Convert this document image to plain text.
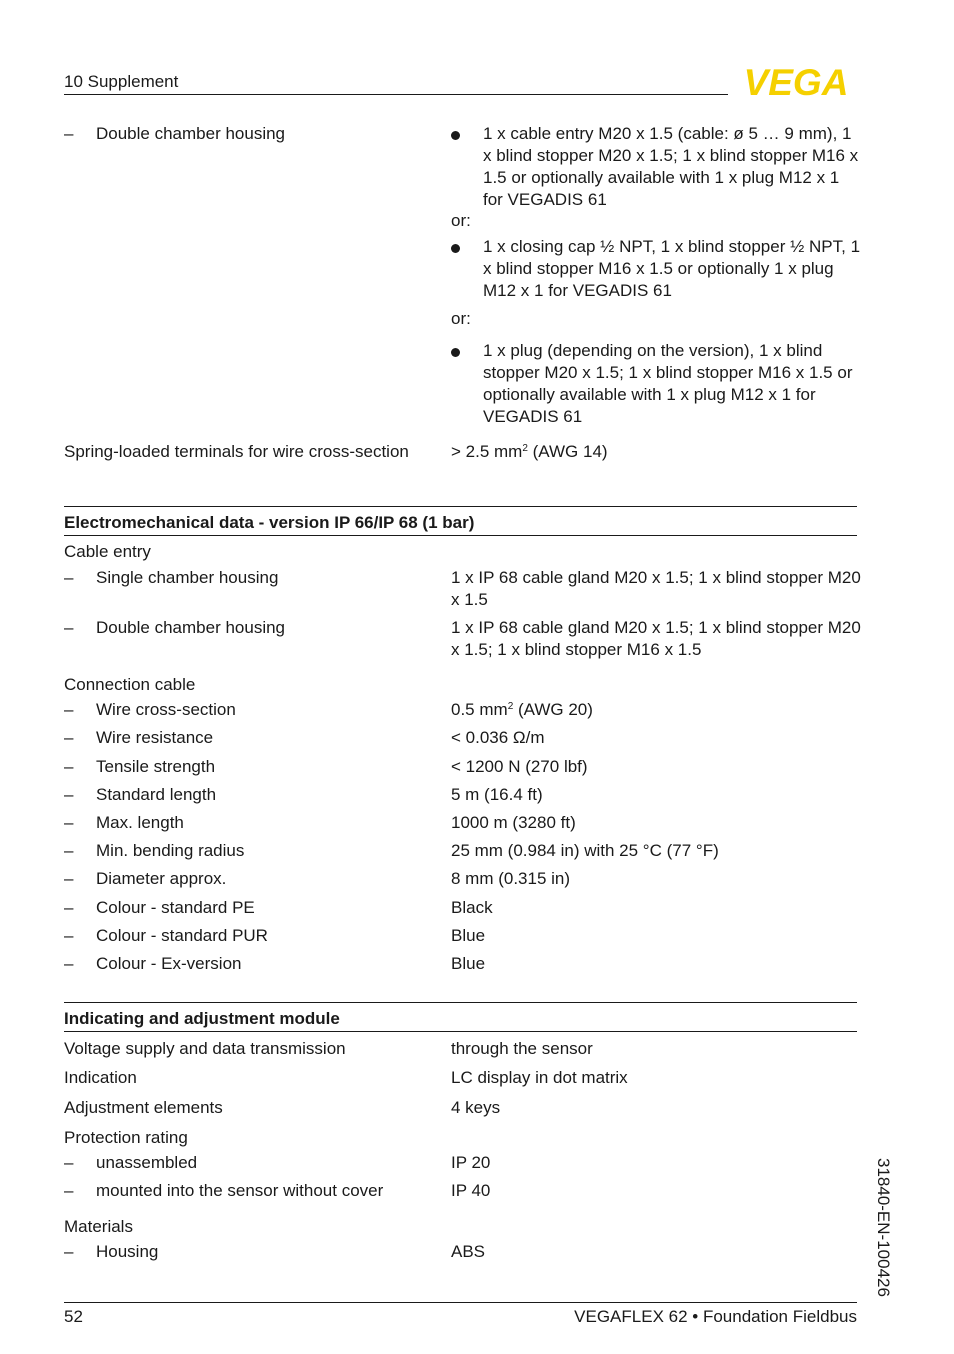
10 Supplement	VEGA
–	Double chamber housing	1 x cable entry M20 x 1.5 (cable: ø 5 … 9 mm), 1 x blind stopper M20 x 1.5; 1 x blind stopper M16 x 1.5 or optionally available with 1 x plug M12 x 1 for VEGADIS 61
or:
1 x closing cap ½ NPT, 1 x blind stopper ½ NPT, 1 x blind stopper M16 x 1.5 or optionally 1 x plug M12 x 1 for VEGADIS 61
or:
1 x plug (depending on the version), 1 x blind stopper M20 x 1.5; 1 x blind stopper M16 x 1.5 or optionally available with 1 x plug M12 x 1 for VEGADIS 61
Spring-loaded terminals for wire cross-section	> 2.5 $mm^2$ (AWG 14)
Electromechanical data - version IP 66/IP 68 (1 bar)
Cable entry
–	Single chamber housing	1 x IP 68 cable gland M20 x 1.5; 1 x blind stopper M20 x 1.5
–	Double chamber housing	1 x IP 68 cable gland M20 x 1.5; 1 x blind stopper M20 x 1.5; 1 x blind stopper M16 x 1.5
Connection cable
–	Wire cross-section	0.5 $mm^2$ (AWG 20)
–	Wire resistance	< 0.036 Ω/m
–	Tensile strength	< 1200 N (270 lbf)
–	Standard length	5 m (16.4 ft)
–	Max. length	1000 m (3280 ft)
–	Min. bending radius	25 mm (0.984 in) with 25 °C (77 °F)
–	Diameter approx.	8 mm (0.315 in)
–	Colour - standard PE	Black
–	Colour - standard PUR	Blue
–	Colour - Ex-version	Blue
Indicating and adjustment module
Voltage supply and data transmission	through the sensor
Indication	LC display in dot matrix
Adjustment elements	4 keys
Protection rating
–	unassembled	IP 20
–	mounted into the sensor without cover	IP 40
Materials
–	Housing	ABS	31840-EN-100426
52	VEGAFLEX 62 • Foundation Fieldbus
